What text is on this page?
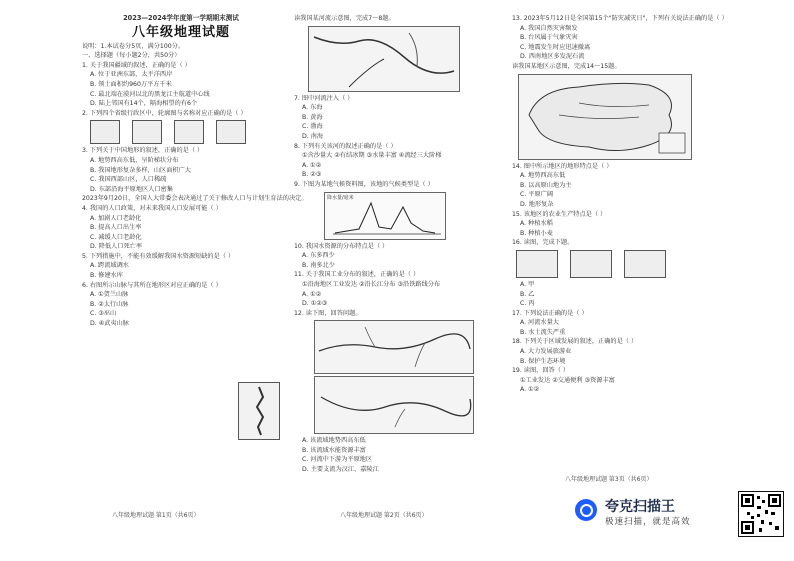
2023—2024学年度第一学期期末测试
八年级地理试题
说明：1.本试卷分5页，满分100分。
一、选择题（每小题2分，共50分）
1. 关于我国疆域的叙述，正确的是（ ）
A. 位于亚洲东部，太平洋西岸
B. 领土面积约960万平方千米
C. 最北端在漠河以北的黑龙江主航道中心线
D. 陆上邻国有14个，隔海相望的有6个
2. 下列四个省级行政区中，轮廓图与名称对应正确的是（ ）

3. 下列关于中国地形的叙述，正确的是（ ）
A. 地势西高东低，呈阶梯状分布
B. 我国地形复杂多样，山区面积广大
C. 我国西部山区，人口稀疏
D. 东部沿海平原地区人口密集
2023年9月20日，全国人大常委会表决通过了关于修改人口与计划生育法的决定。
4. 我国的人口政策，对未来我国人口发展可能（ ）
A. 加剧人口老龄化
B. 提高人口出生率
C. 减缓人口老龄化
D. 降低人口死亡率
5. 下列措施中，不能有效缓解我国水资源短缺的是（ ）
A. 跨流域调水
B. 修建水库
6. 右图所示山脉与其所在地形区对应正确的是（ ）
A. ①贺兰山脉
B. ②太行山脉
C. ③巫山
D. ④武夷山脉
八年级地理试题 第1页（共6页）
读我国某河流示意图，完成7～8题。
7. 图中河流注入（ ）
A. 东海
B. 黄海
C. 渤海
D. 南海
8. 下列有关该河的叙述正确的是（ ）
①含沙量大 ②有结冰期 ③水量丰富 ④流经三大阶梯
A. ①②
B. ②③
9. 下图为某地气候资料图，该地的气候类型是（ ）
降水量/毫米
10. 我国水资源的分布特点是（ ）
A. 东多西少
B. 南多北少
11. 关于我国工业分布的叙述，正确的是（ ）
①沿海地区工业发达 ②沿长江分布 ③沿铁路线分布
A. ①②
D. ①②③
12. 读下图，回答问题。
A. 该流域地势西高东低
B. 该流域水能资源丰富
C. 河流中下游为平原地区
D. 主要支流为汉江、嘉陵江
八年级地理试题 第2页（共6页）
13. 2023年5月12日是全国第15个"防灾减灾日"，下列有关说法正确的是（ ）
A. 我国自然灾害频发
B. 台风属于气象灾害
C. 地震发生时应迅速撤离
D. 西南地区多发泥石流
读我国某地区示意图，完成14～15题。
14. 图中所示地区的地形特点是（ ）
A. 地势西高东低
B. 以高原山地为主
C. 平原广阔
D. 地形复杂
15. 该地区的农业生产特点是（ ）
A. 种植水稻
B. 种植小麦
16. 读图，完成下题。

A. 甲
B. 乙
C. 丙
17. 下列说法正确的是（ ）
A. 河流水量大
B. 水土流失严重
18. 下列关于区域发展的叙述，正确的是（ ）
A. 大力发展旅游业
B. 保护生态环境
19. 读图，回答（ ）
①工业发达 ②交通便利 ③资源丰富
A. ①②
八年级地理试题 第3页（共6页）
夸克扫描王
极速扫描，就是高效
